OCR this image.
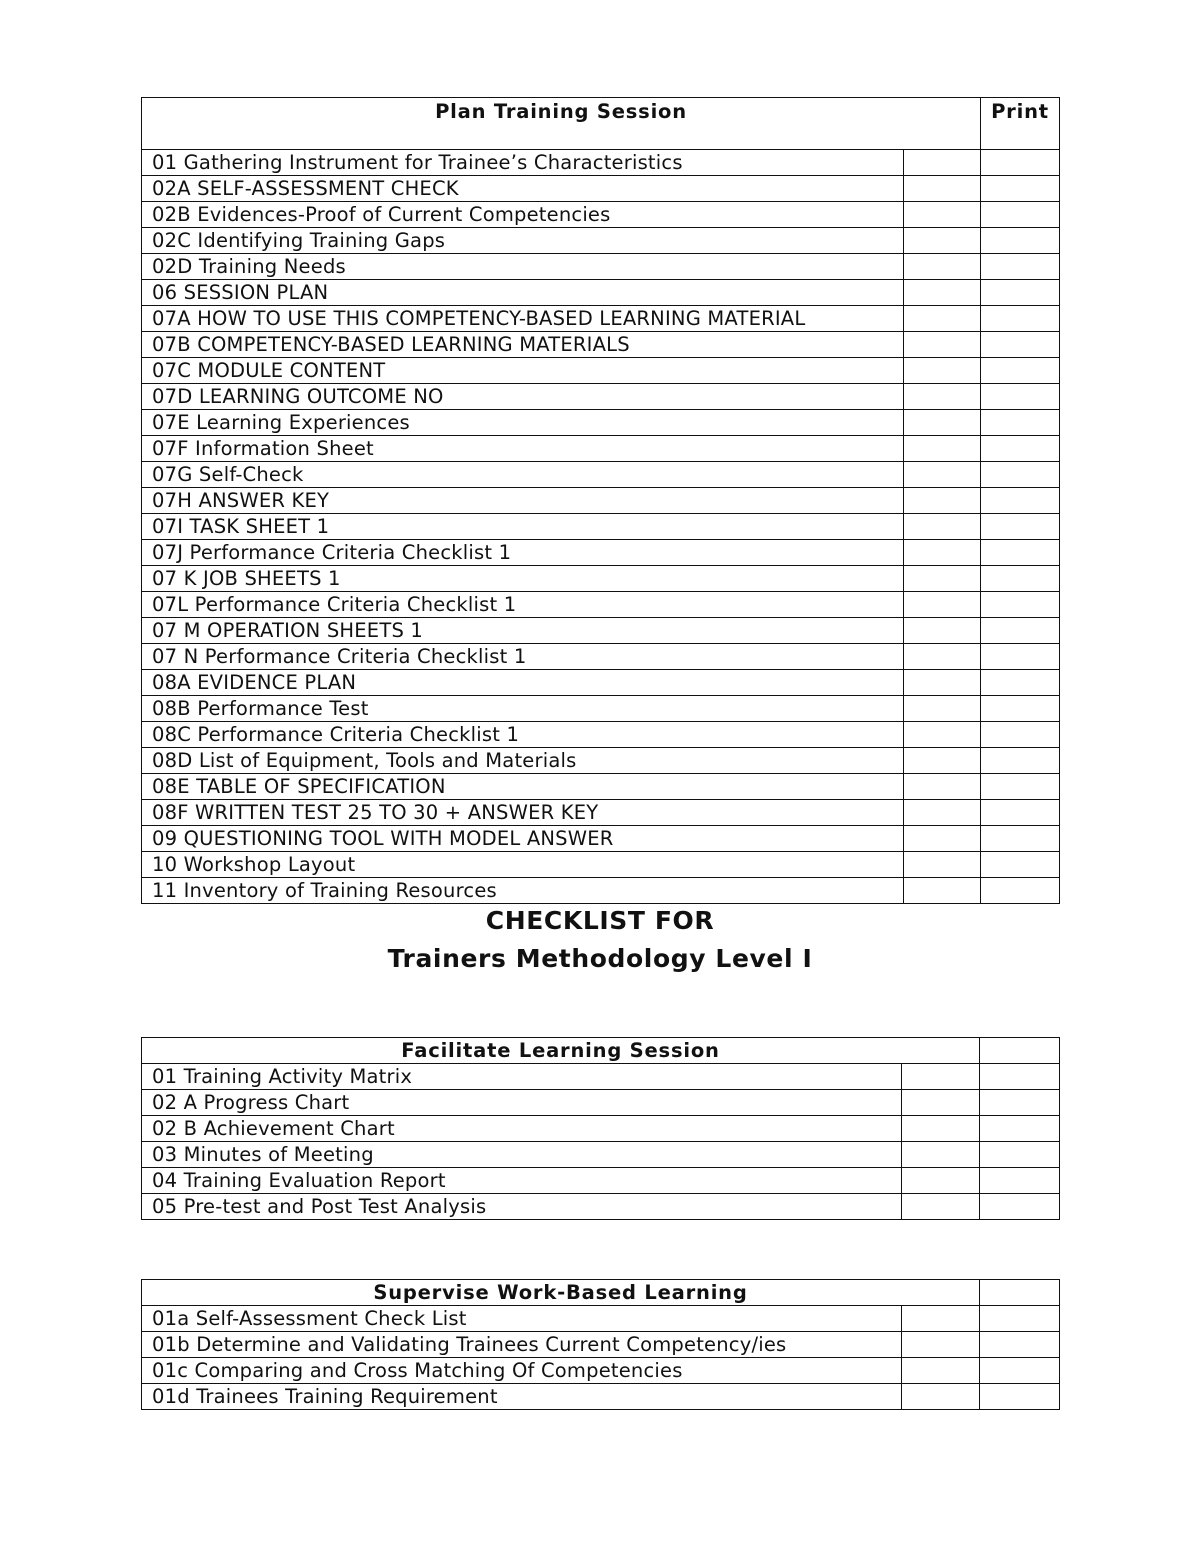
Plan Training Session		Print
01 Gathering Instrument for Trainee’s Characteristics		
02A SELF-ASSESSMENT CHECK		
02B Evidences-Proof of Current Competencies		
02C Identifying Training Gaps		
02D Training Needs		
06 SESSION PLAN		
07A HOW TO USE THIS COMPETENCY-BASED LEARNING MATERIAL		
07B COMPETENCY-BASED LEARNING MATERIALS		
07C MODULE CONTENT		
07D LEARNING OUTCOME NO		
07E Learning Experiences		
07F Information Sheet		
07G Self-Check		
07H ANSWER KEY		
07I TASK SHEET 1		
07J Performance Criteria Checklist 1		
07 K JOB SHEETS 1		
07L Performance Criteria Checklist 1		
07 M OPERATION SHEETS 1		
07 N Performance Criteria Checklist 1		
08A EVIDENCE PLAN		
08B Performance Test		
08C Performance Criteria Checklist 1		
08D List of Equipment, Tools and Materials		
08E TABLE OF SPECIFICATION		
08F WRITTEN TEST 25 TO 30 + ANSWER KEY		
09 QUESTIONING TOOL WITH MODEL ANSWER		
10 Workshop Layout		
11 Inventory of Training Resources		
CHECKLIST FOR
Trainers Methodology Level I
Facilitate Learning Session		
01 Training Activity Matrix		
02 A Progress Chart		
02 B Achievement Chart		
03 Minutes of Meeting		
04 Training Evaluation Report		
05 Pre-test and Post Test Analysis		
Supervise Work-Based Learning		
01a Self-Assessment Check List		
01b Determine and Validating Trainees Current Competency/ies		
01c Comparing and Cross Matching Of Competencies		
01d Trainees Training Requirement		
